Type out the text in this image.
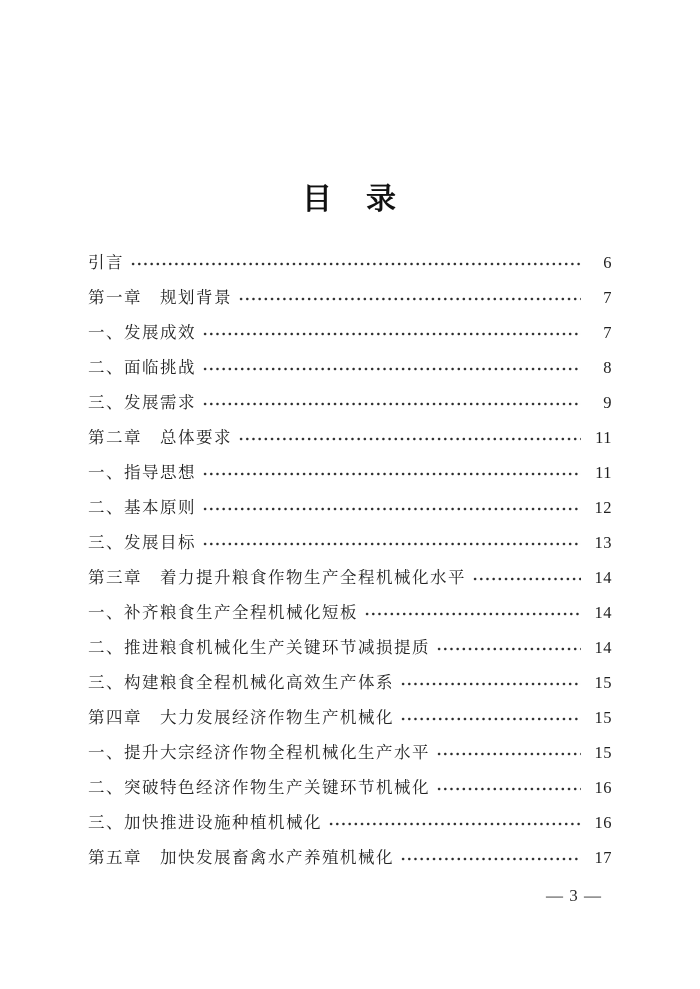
目　录
引言	6
第一章　规划背景	7
一、发展成效	7
二、面临挑战	8
三、发展需求	9
第二章　总体要求	11
一、指导思想	11
二、基本原则	12
三、发展目标	13
第三章　着力提升粮食作物生产全程机械化水平	14
一、补齐粮食生产全程机械化短板	14
二、推进粮食机械化生产关键环节减损提质	14
三、构建粮食全程机械化高效生产体系	15
第四章　大力发展经济作物生产机械化	15
一、提升大宗经济作物全程机械化生产水平	15
二、突破特色经济作物生产关键环节机械化	16
三、加快推进设施种植机械化	16
第五章　加快发展畜禽水产养殖机械化	17
— 3 —
